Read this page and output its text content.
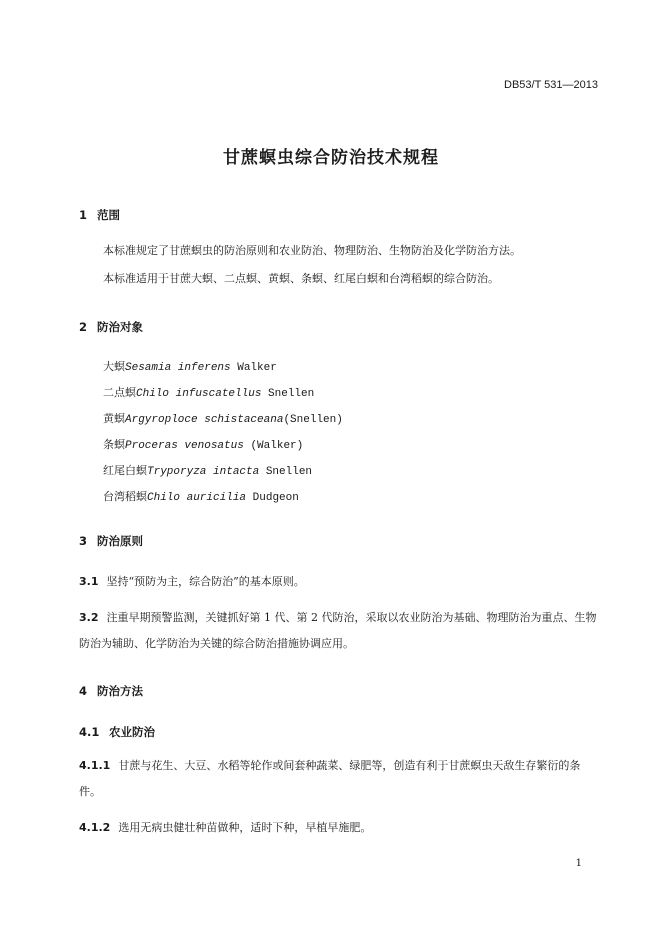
DB53/T 531—2013
甘蔗螟虫综合防治技术规程
1 范围
本标准规定了甘蔗螟虫的防治原则和农业防治、物理防治、生物防治及化学防治方法。
本标准适用于甘蔗大螟、二点螟、黄螟、条螟、红尾白螟和台湾稻螟的综合防治。
2 防治对象
大螟Sesamia inferens Walker
二点螟Chilo infuscatellus Snellen
黄螟Argyroploce schistaceana(Snellen)
条螟Proceras venosatus (Walker)
红尾白螟Tryporyza intacta Snellen
台湾稻螟Chilo auricilia Dudgeon
3 防治原则
3.1 坚持“预防为主，综合防治”的基本原则。
3.2 注重早期预警监测，关键抓好第 1 代、第 2 代防治，采取以农业防治为基础、物理防治为重点、生物防治为辅助、化学防治为关键的综合防治措施协调应用。
4 防治方法
4.1 农业防治
4.1.1 甘蔗与花生、大豆、水稻等轮作或间套种蔬菜、绿肥等，创造有利于甘蔗螟虫天敌生存繁衍的条件。
4.1.2 选用无病虫健壮种苗做种，适时下种，早植早施肥。
1
